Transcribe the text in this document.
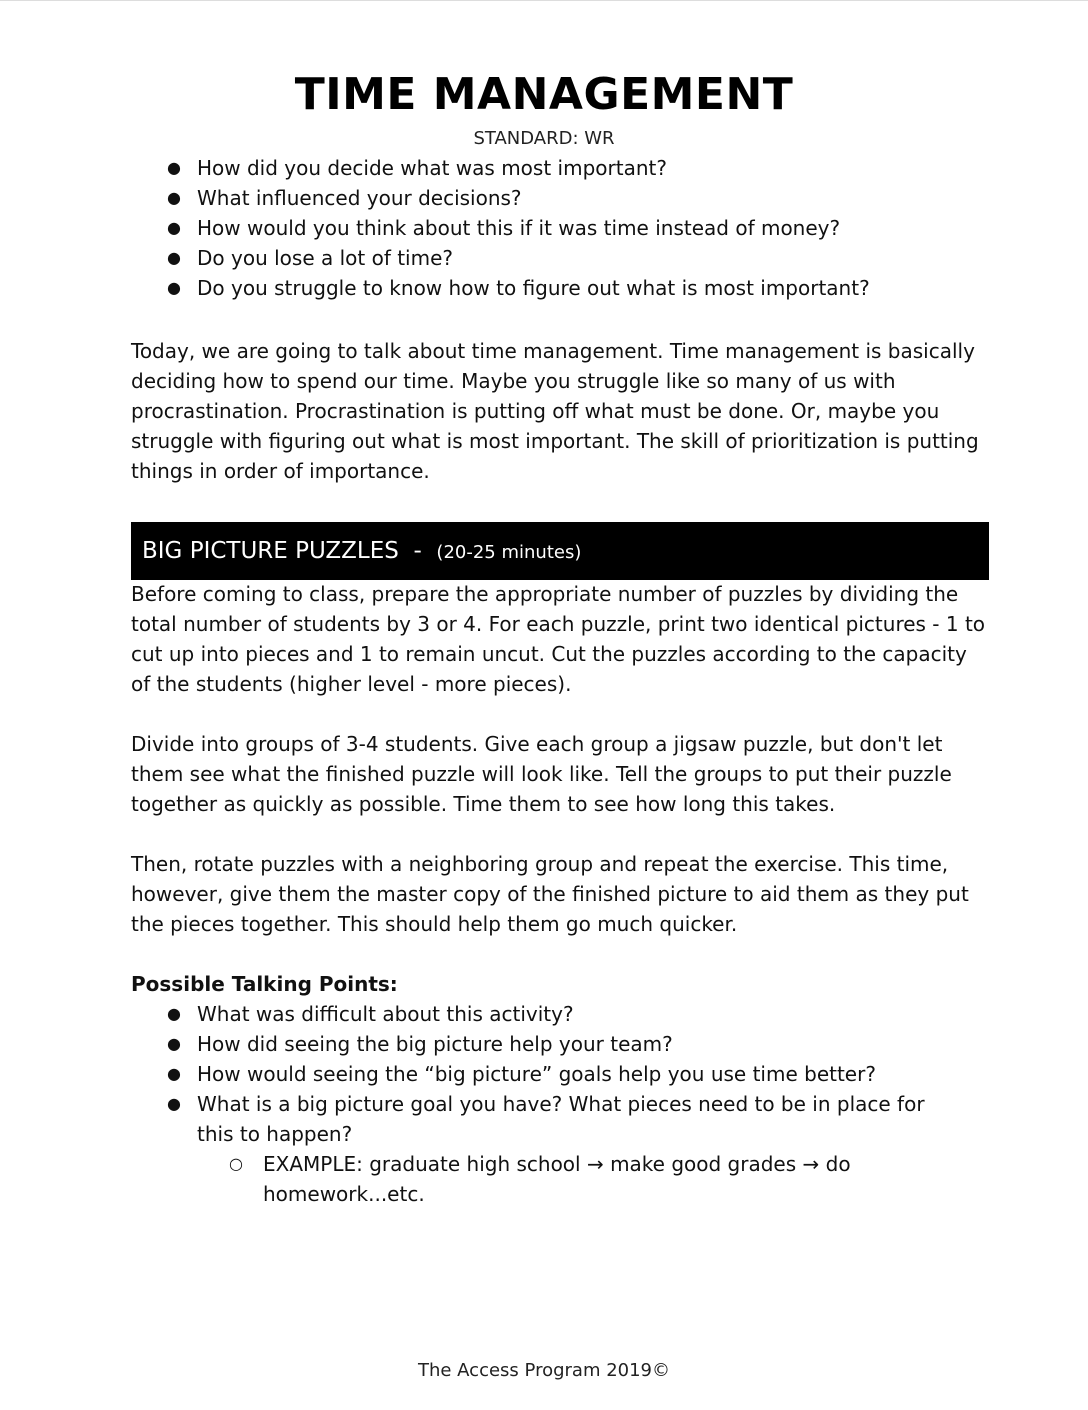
TIME MANAGEMENT
STANDARD: WR
● How did you decide what was most important?
● What influenced your decisions?
● How would you think about this if it was time instead of money?
● Do you lose a lot of time?
● Do you struggle to know how to figure out what is most important?

Today, we are going to talk about time management. Time management is basically deciding how to spend our time. Maybe you struggle like so many of us with procrastination. Procrastination is putting off what must be done. Or, maybe you struggle with figuring out what is most important. The skill of prioritization is putting things in order of importance.

BIG PICTURE PUZZLES  -  (20-25 minutes)

Before coming to class, prepare the appropriate number of puzzles by dividing the total number of students by 3 or 4. For each puzzle, print two identical pictures - 1 to cut up into pieces and 1 to remain uncut. Cut the puzzles according to the capacity of the students (higher level - more pieces).

Divide into groups of 3-4 students. Give each group a jigsaw puzzle, but don't let them see what the finished puzzle will look like. Tell the groups to put their puzzle together as quickly as possible. Time them to see how long this takes.

Then, rotate puzzles with a neighboring group and repeat the exercise. This time, however, give them the master copy of the finished picture to aid them as they put the pieces together. This should help them go much quicker.

Possible Talking Points:

● What was difficult about this activity?
● How did seeing the big picture help your team?
● How would seeing the “big picture” goals help you use time better?
● What is a big picture goal you have? What pieces need to be in place for this to happen?
○ EXAMPLE: graduate high school → make good grades → do homework...etc.
The Access Program 2019©
